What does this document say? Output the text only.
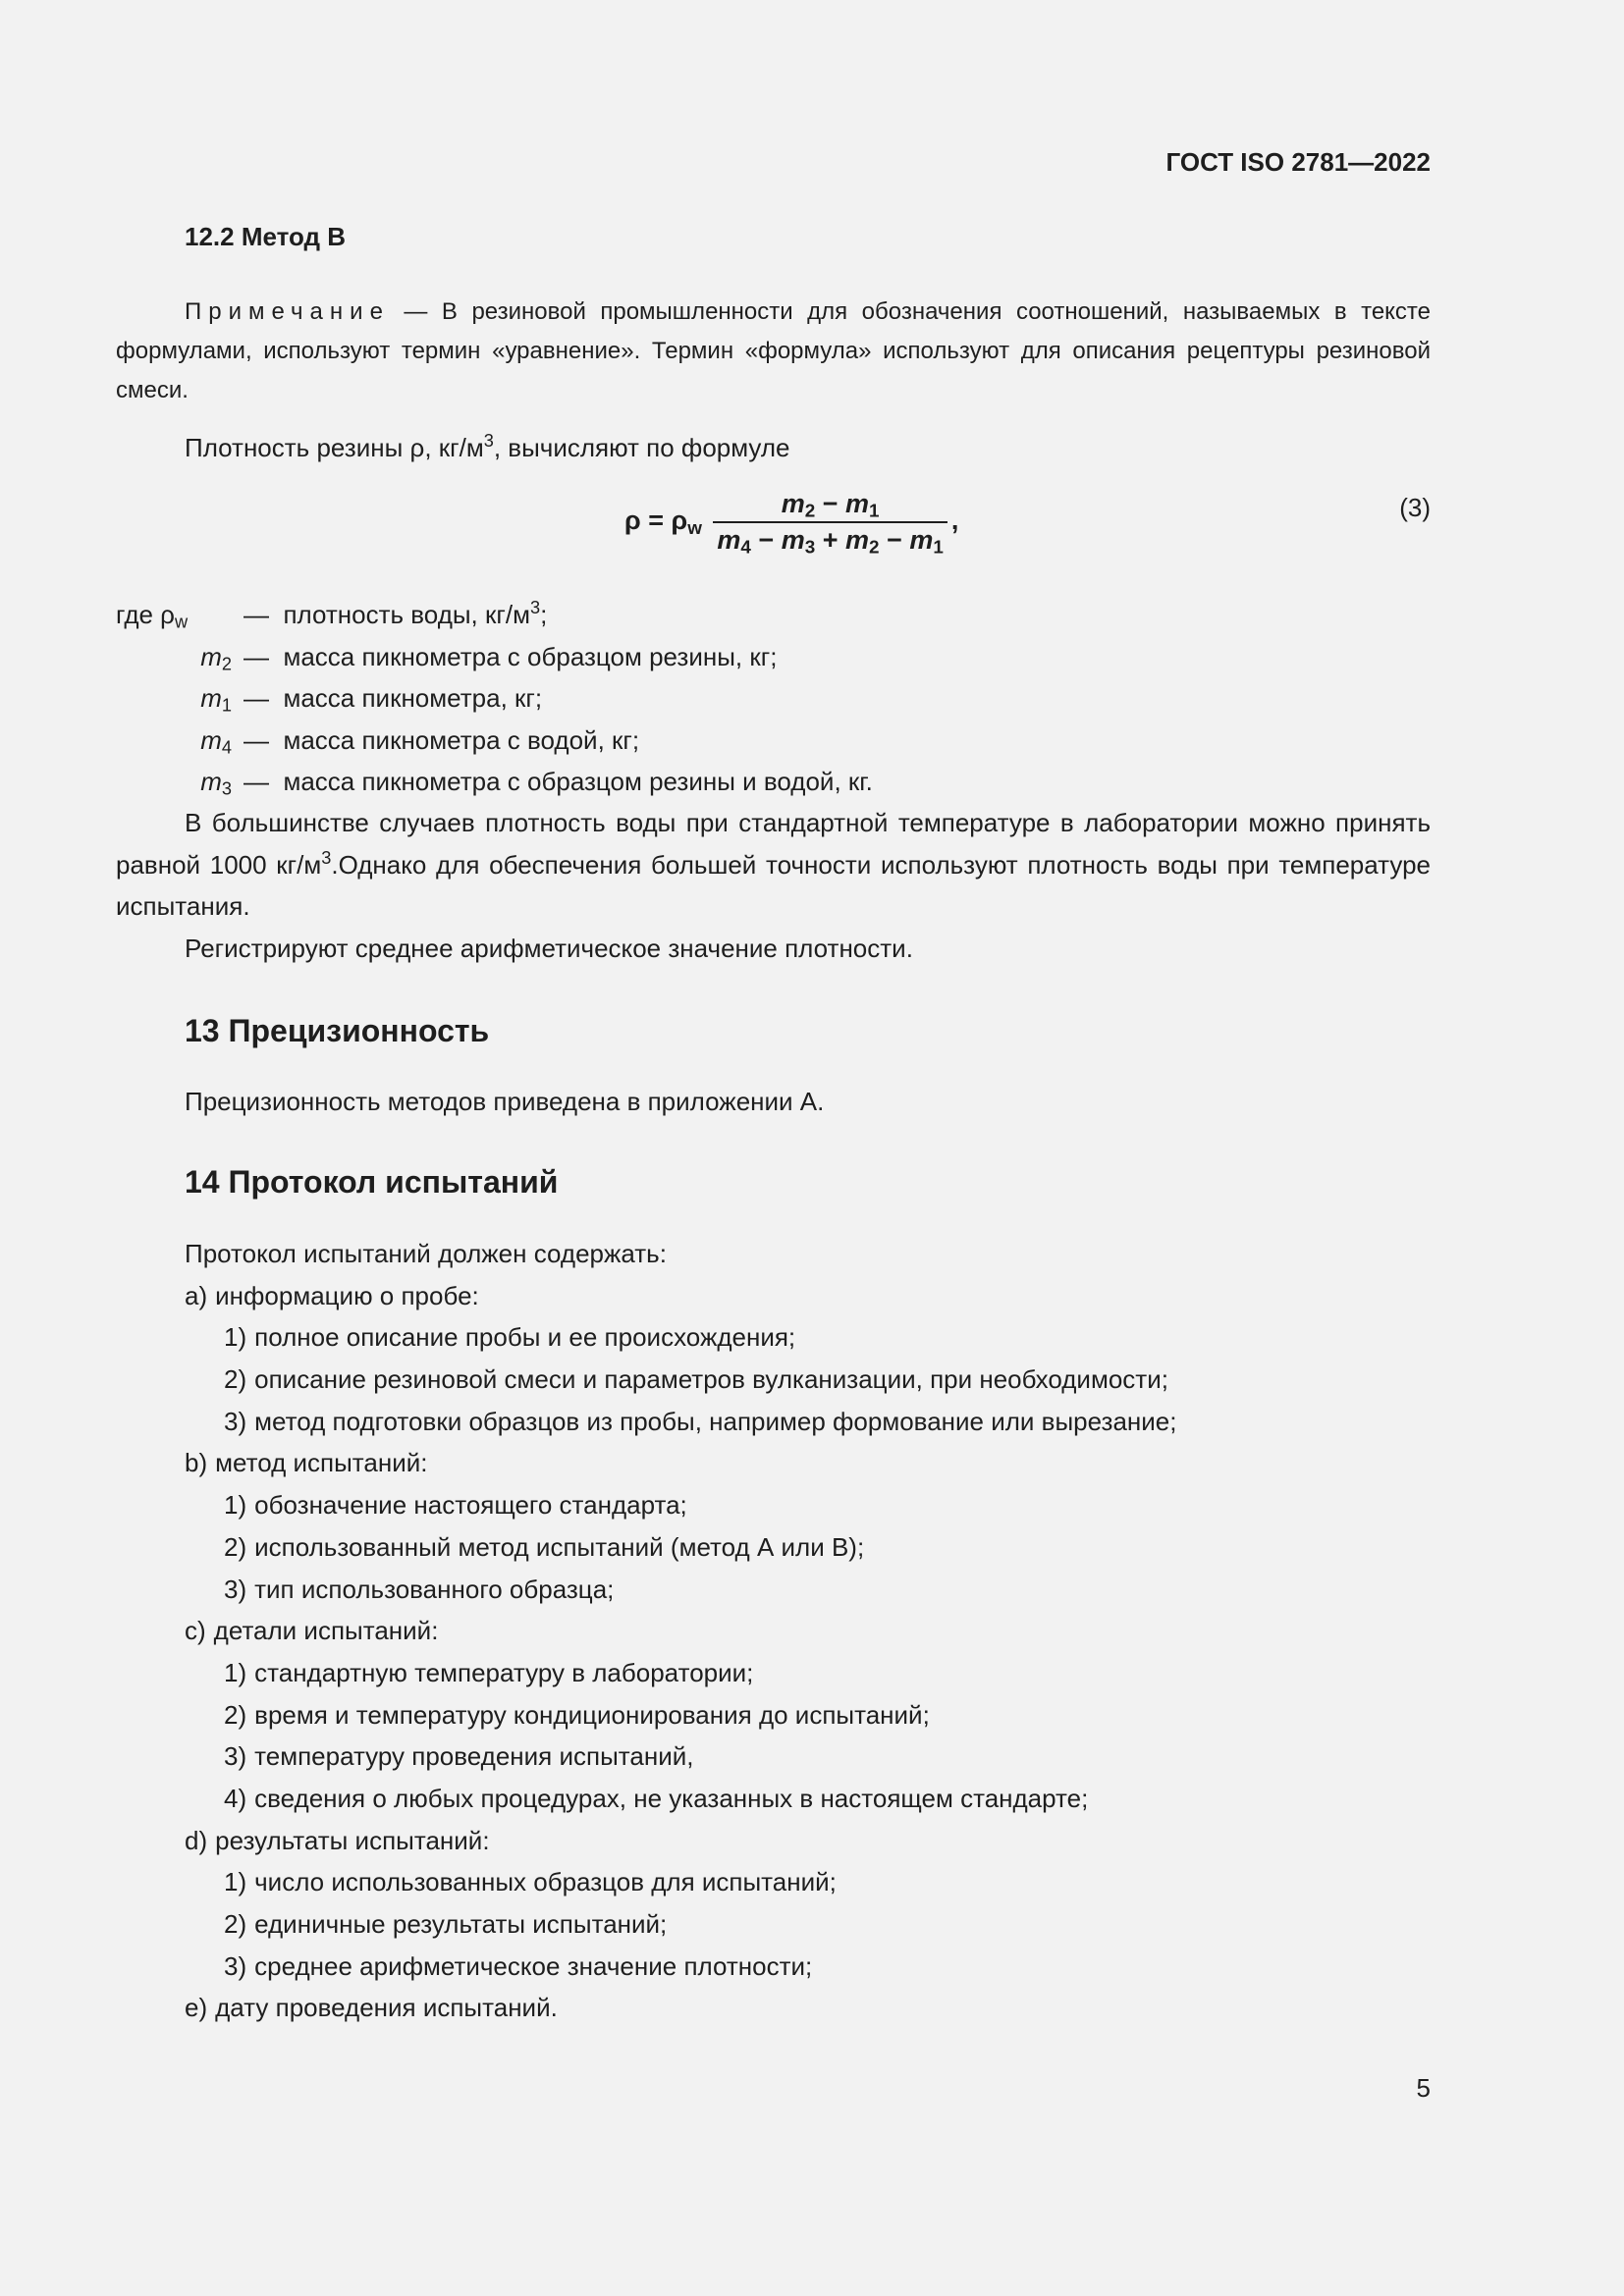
ГОСТ ISO 2781—2022
12.2 Метод В
Примечание — В резиновой промышленности для обозначения соотношений, называемых в тексте формулами, используют термин «уравнение». Термин «формула» используют для описания рецептуры резиновой смеси.
Плотность резины ρ, $кг/м^3$, вычисляют по формуле
$\rho = \rho_w \frac{m_2 - m_1}{m_4 - m_3 + m_2 - m_1}$ ,	(3)
где $\rho_w$	—
плотность воды, $кг/м^3$;
$m_2$ —
масса пикнометра с образцом резины, кг;
$m_1$ —
масса пикнометра, кг;
$m_4$ —
масса пикнометра с водой, кг;
$m_3$ —
масса пикнометра с образцом резины и водой, кг.
В большинстве случаев плотность воды при стандартной температуре в лаборатории можно принять равной 1000 $кг/м^3.Однако$ для обеспечения большей точности используют плотность воды при температуре испытания.
Регистрируют среднее арифметическое значение плотности.
13 Прецизионность
Прецизионность методов приведена в приложении А.
14 Протокол испытаний
Протокол испытаний должен содержать:
а) информацию о пробе:
1) полное описание пробы и ее происхождения;
2) описание резиновой смеси и параметров вулканизации, при необходимости;
3) метод подготовки образцов из пробы, например формование или вырезание;
b) метод испытаний:
1) обозначение настоящего стандарта;
2) использованный метод испытаний (метод А или В);
3) тип использованного образца;
c) детали испытаний:
1) стандартную температуру в лаборатории;
2) время и температуру кондиционирования до испытаний;
3) температуру проведения испытаний,
4) сведения о любых процедурах, не указанных в настоящем стандарте;
d) результаты испытаний:
1) число использованных образцов для испытаний;
2) единичные результаты испытаний;
3) среднее арифметическое значение плотности;
е) дату проведения испытаний.
5
